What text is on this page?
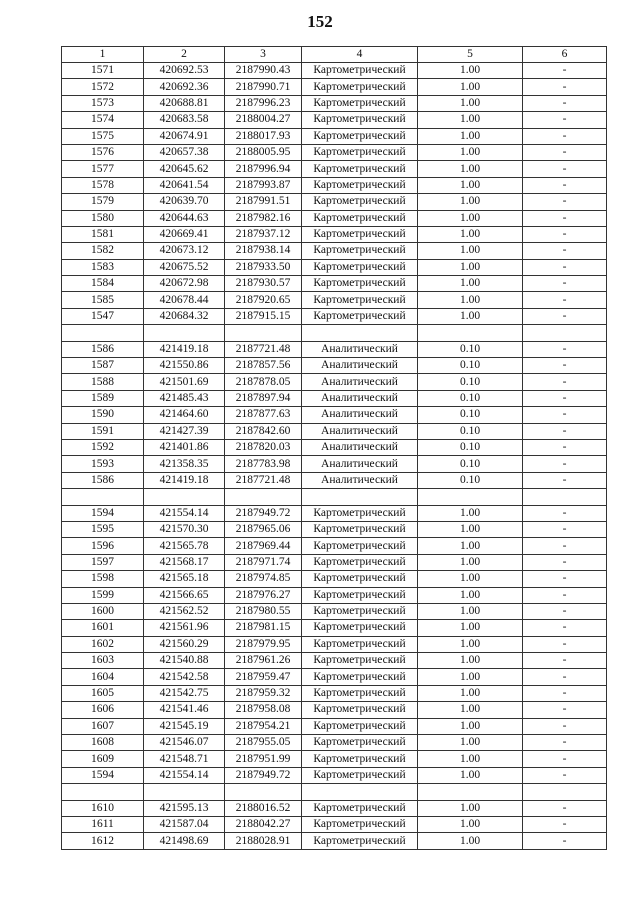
152
1	2	3	4	5	6
1571	420692.53	2187990.43	Картометрический	1.00	-
1572	420692.36	2187990.71	Картометрический	1.00	-
1573	420688.81	2187996.23	Картометрический	1.00	-
1574	420683.58	2188004.27	Картометрический	1.00	-
1575	420674.91	2188017.93	Картометрический	1.00	-
1576	420657.38	2188005.95	Картометрический	1.00	-
1577	420645.62	2187996.94	Картометрический	1.00	-
1578	420641.54	2187993.87	Картометрический	1.00	-
1579	420639.70	2187991.51	Картометрический	1.00	-
1580	420644.63	2187982.16	Картометрический	1.00	-
1581	420669.41	2187937.12	Картометрический	1.00	-
1582	420673.12	2187938.14	Картометрический	1.00	-
1583	420675.52	2187933.50	Картометрический	1.00	-
1584	420672.98	2187930.57	Картометрический	1.00	-
1585	420678.44	2187920.65	Картометрический	1.00	-
1547	420684.32	2187915.15	Картометрический	1.00	-

1586	421419.18	2187721.48	Аналитический	0.10	-
1587	421550.86	2187857.56	Аналитический	0.10	-
1588	421501.69	2187878.05	Аналитический	0.10	-
1589	421485.43	2187897.94	Аналитический	0.10	-
1590	421464.60	2187877.63	Аналитический	0.10	-
1591	421427.39	2187842.60	Аналитический	0.10	-
1592	421401.86	2187820.03	Аналитический	0.10	-
1593	421358.35	2187783.98	Аналитический	0.10	-
1586	421419.18	2187721.48	Аналитический	0.10	-

1594	421554.14	2187949.72	Картометрический	1.00	-
1595	421570.30	2187965.06	Картометрический	1.00	-
1596	421565.78	2187969.44	Картометрический	1.00	-
1597	421568.17	2187971.74	Картометрический	1.00	-
1598	421565.18	2187974.85	Картометрический	1.00	-
1599	421566.65	2187976.27	Картометрический	1.00	-
1600	421562.52	2187980.55	Картометрический	1.00	-
1601	421561.96	2187981.15	Картометрический	1.00	-
1602	421560.29	2187979.95	Картометрический	1.00	-
1603	421540.88	2187961.26	Картометрический	1.00	-
1604	421542.58	2187959.47	Картометрический	1.00	-
1605	421542.75	2187959.32	Картометрический	1.00	-
1606	421541.46	2187958.08	Картометрический	1.00	-
1607	421545.19	2187954.21	Картометрический	1.00	-
1608	421546.07	2187955.05	Картометрический	1.00	-
1609	421548.71	2187951.99	Картометрический	1.00	-
1594	421554.14	2187949.72	Картометрический	1.00	-

1610	421595.13	2188016.52	Картометрический	1.00	-
1611	421587.04	2188042.27	Картометрический	1.00	-
1612	421498.69	2188028.91	Картометрический	1.00	-
